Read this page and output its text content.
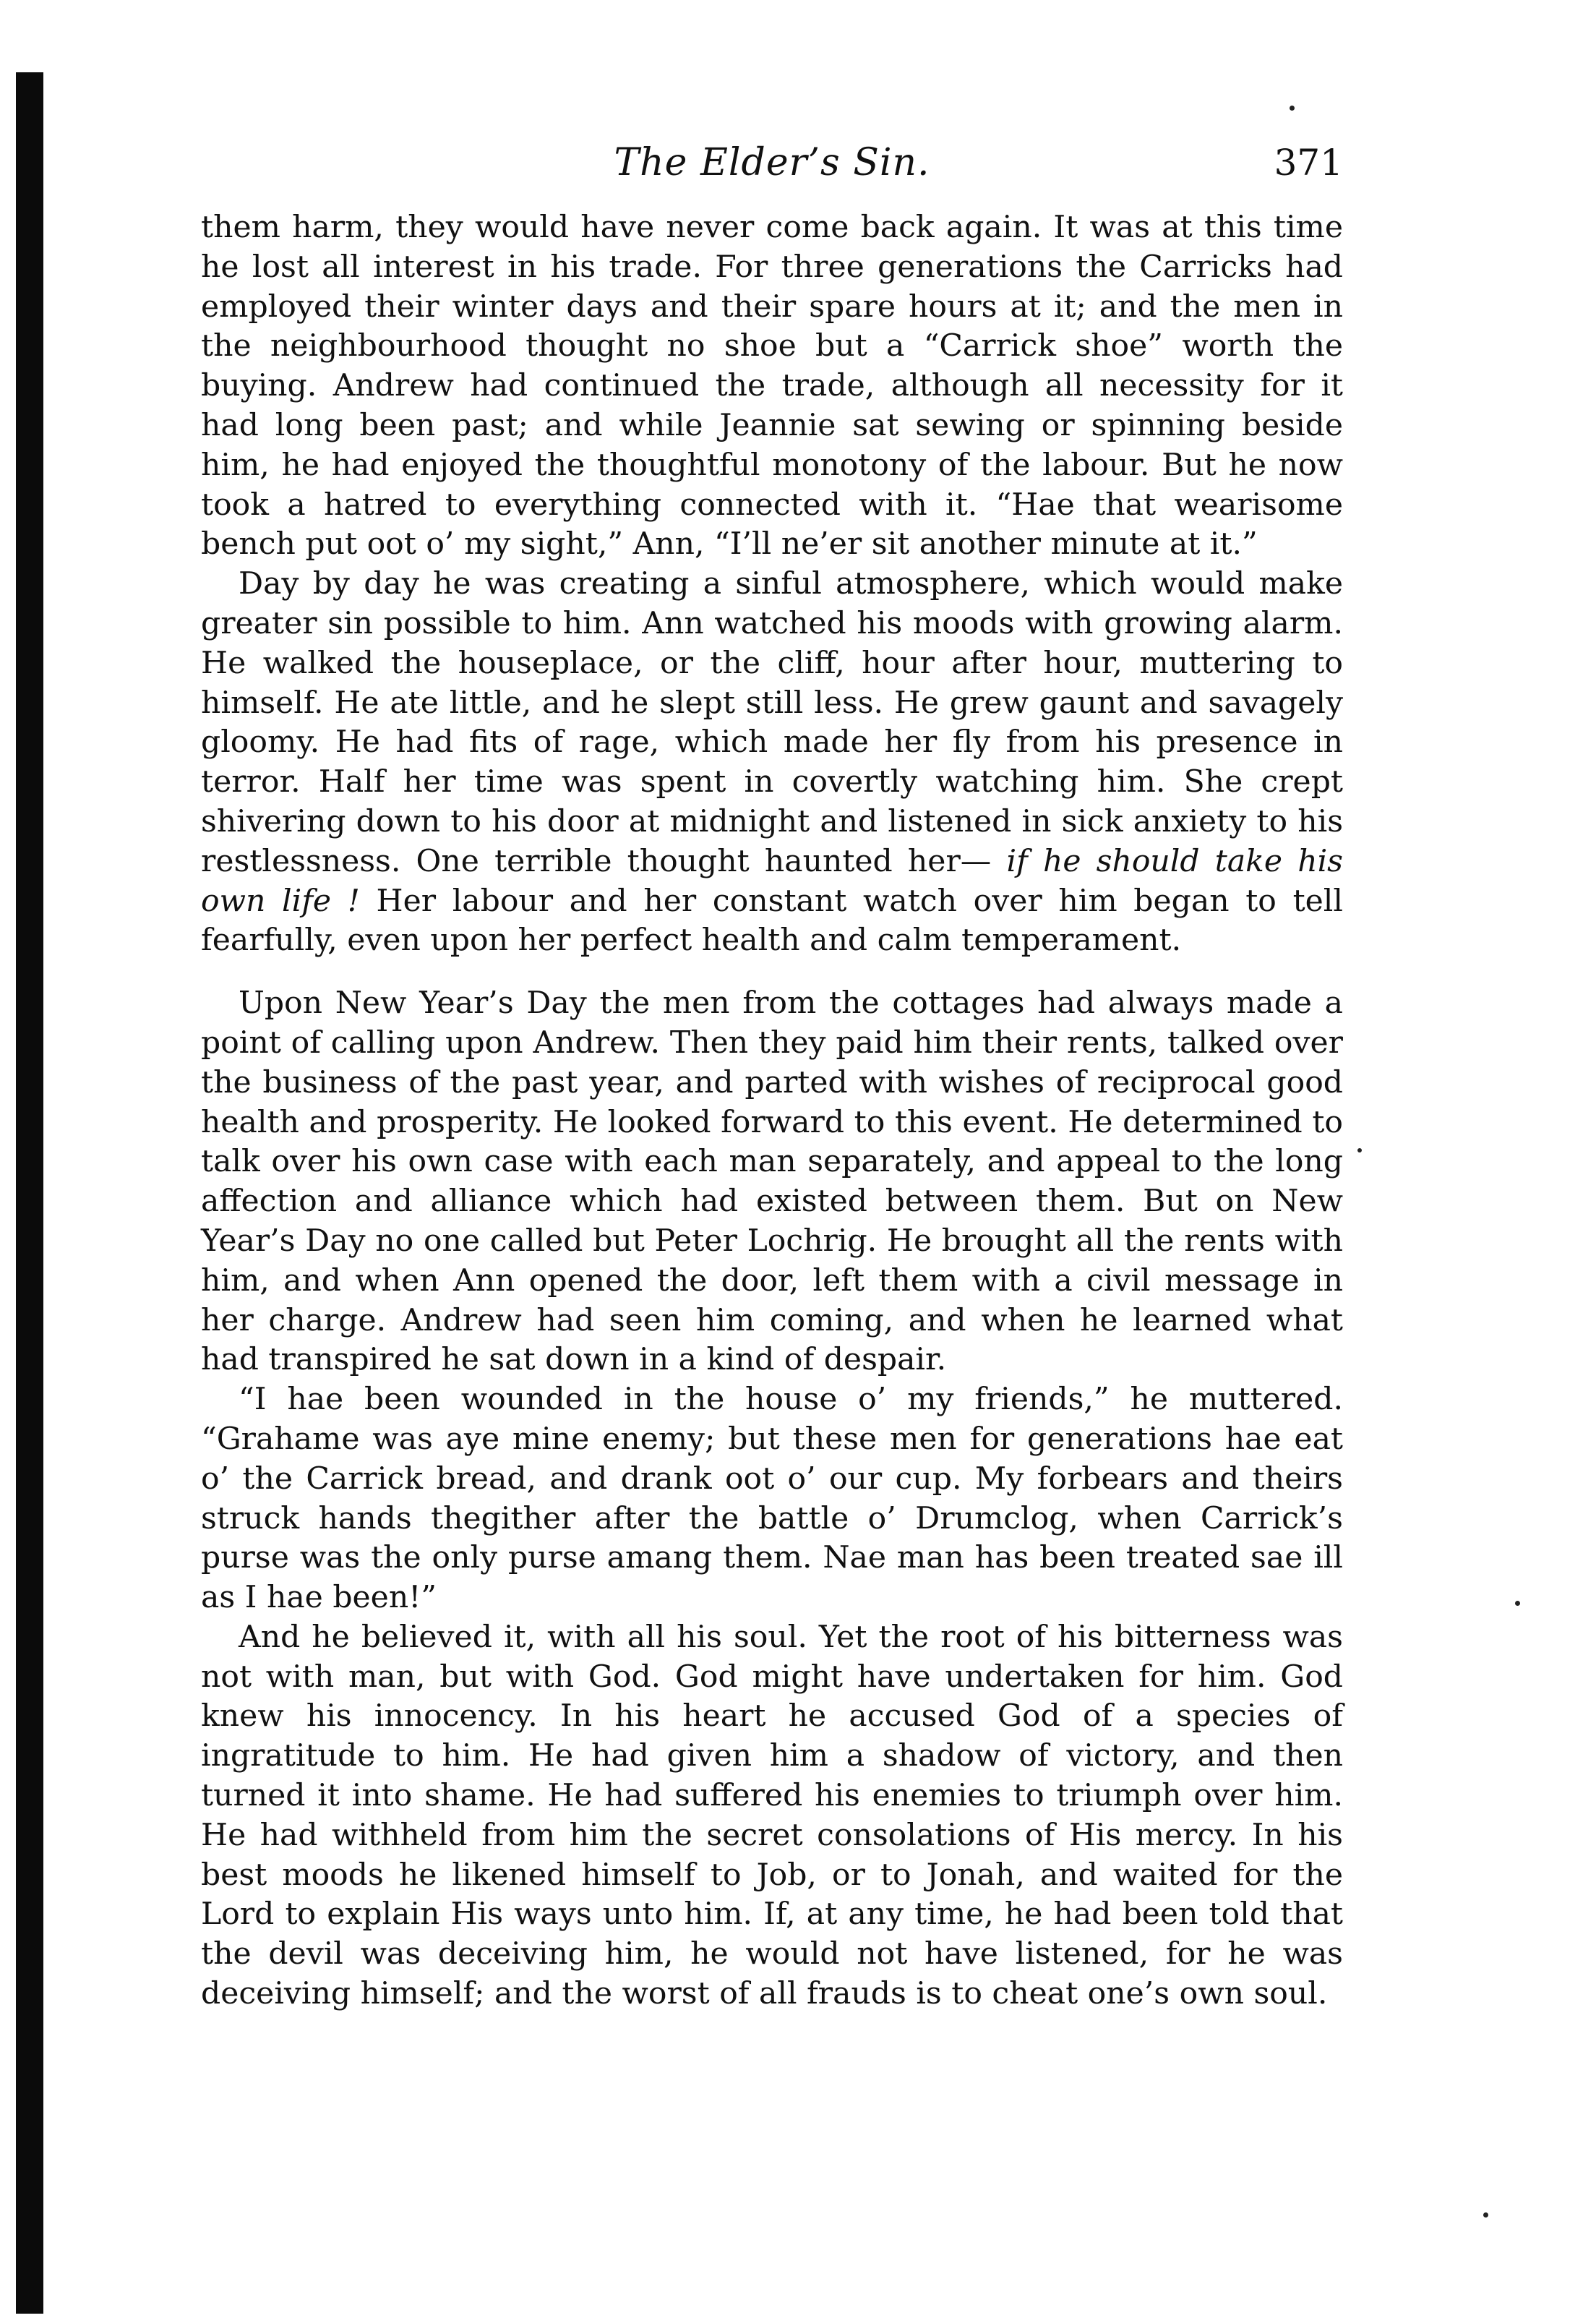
The Elder’s Sin.	371

them harm, they would have never come back again. It was at this time he lost all interest in his trade. For three generations the Carricks had employed their winter days and their spare hours at it; and the men in the neighbourhood thought no shoe but a “Carrick shoe” worth the buying. Andrew had continued the trade, although all necessity for it had long been past; and while Jeannie sat sewing or spinning beside him, he had enjoyed the thoughtful monotony of the labour. But he now took a hatred to everything connected with it. “Hae that wearisome bench put oot o’ my sight,” Ann, “I’ll ne’er sit another minute at it.”

Day by day he was creating a sinful atmosphere, which would make greater sin possible to him. Ann watched his moods with growing alarm. He walked the houseplace, or the cliff, hour after hour, muttering to himself. He ate little, and he slept still less. He grew gaunt and savagely gloomy. He had fits of rage, which made her fly from his presence in terror. Half her time was spent in covertly watching him. She crept shivering down to his door at midnight and listened in sick anxiety to his restlessness. One terrible thought haunted her— if he should take his own life ! Her labour and her constant watch over him began to tell fearfully, even upon her perfect health and calm temperament.

Upon New Year’s Day the men from the cottages had always made a point of calling upon Andrew. Then they paid him their rents, talked over the business of the past year, and parted with wishes of reciprocal good health and prosperity. He looked forward to this event. He determined to talk over his own case with each man separately, and appeal to the long affection and alliance which had existed between them. But on New Year’s Day no one called but Peter Lochrig. He brought all the rents with him, and when Ann opened the door, left them with a civil message in her charge. Andrew had seen him coming, and when he learned what had transpired he sat down in a kind of despair.

“I hae been wounded in the house o’ my friends,” he muttered. “Grahame was aye mine enemy; but these men for generations hae eat o’ the Carrick bread, and drank oot o’ our cup. My forbears and theirs struck hands thegither after the battle o’ Drumclog, when Carrick’s purse was the only purse amang them. Nae man has been treated sae ill as I hae been!”

And he believed it, with all his soul. Yet the root of his bitterness was not with man, but with God. God might have undertaken for him. God knew his innocency. In his heart he accused God of a species of ingratitude to him. He had given him a shadow of victory, and then turned it into shame. He had suffered his enemies to triumph over him. He had withheld from him the secret consolations of His mercy. In his best moods he likened himself to Job, or to Jonah, and waited for the Lord to explain His ways unto him. If, at any time, he had been told that the devil was deceiving him, he would not have listened, for he was deceiving himself; and the worst of all frauds is to cheat one’s own soul.
